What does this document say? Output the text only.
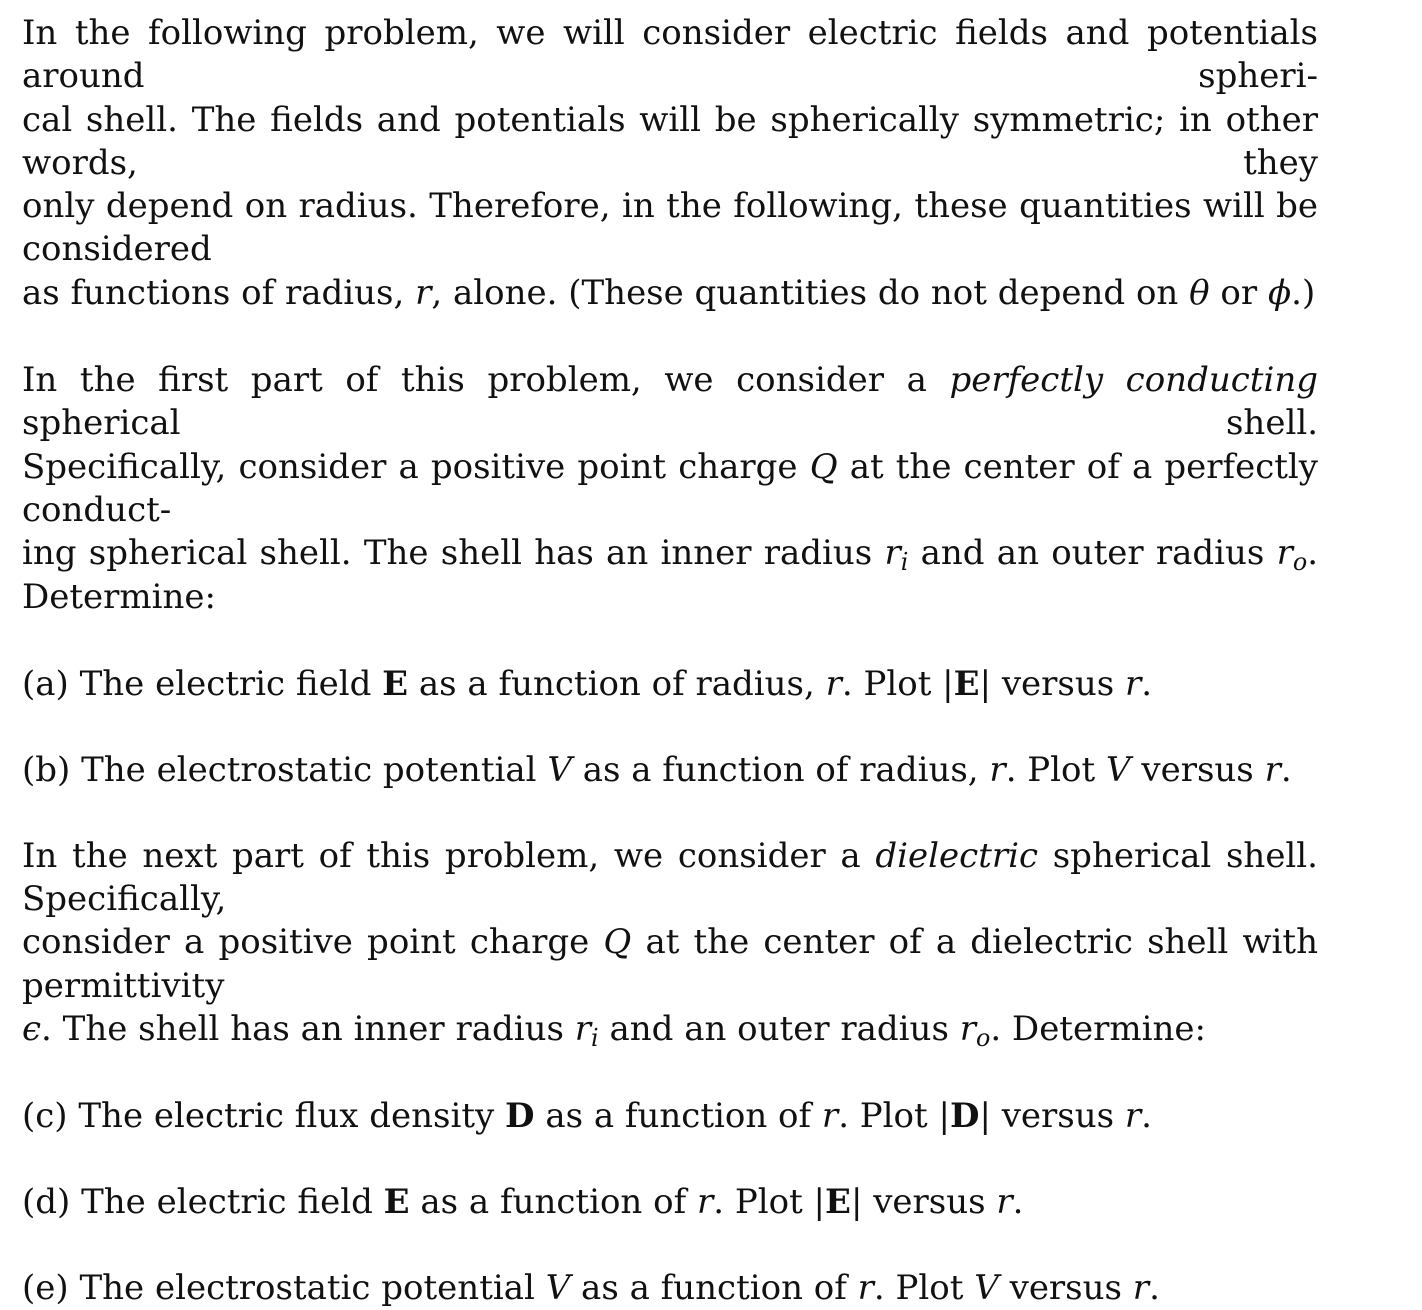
In the following problem, we will consider electric fields and potentials around spheri-
cal shell. The fields and potentials will be spherically symmetric; in other words, they
only depend on radius. Therefore, in the following, these quantities will be considered
as functions of radius, r, alone. (These quantities do not depend on θ or ϕ.)

In the first part of this problem, we consider a perfectly conducting spherical shell.
Specifically, consider a positive point charge Q at the center of a perfectly conduct-
ing spherical shell. The shell has an inner radius $r_i$ and an outer radius $r_o$. Determine:

(a) The electric field E as a function of radius, r. Plot |E| versus r.

(b) The electrostatic potential V as a function of radius, r. Plot V versus r.

In the next part of this problem, we consider a dielectric spherical shell. Specifically,
consider a positive point charge Q at the center of a dielectric shell with permittivity
ϵ. The shell has an inner radius $r_i$ and an outer radius $r_o$. Determine:

(c) The electric flux density D as a function of r. Plot |D| versus r.

(d) The electric field E as a function of r. Plot |E| versus r.

(e) The electrostatic potential V as a function of r. Plot V versus r.
